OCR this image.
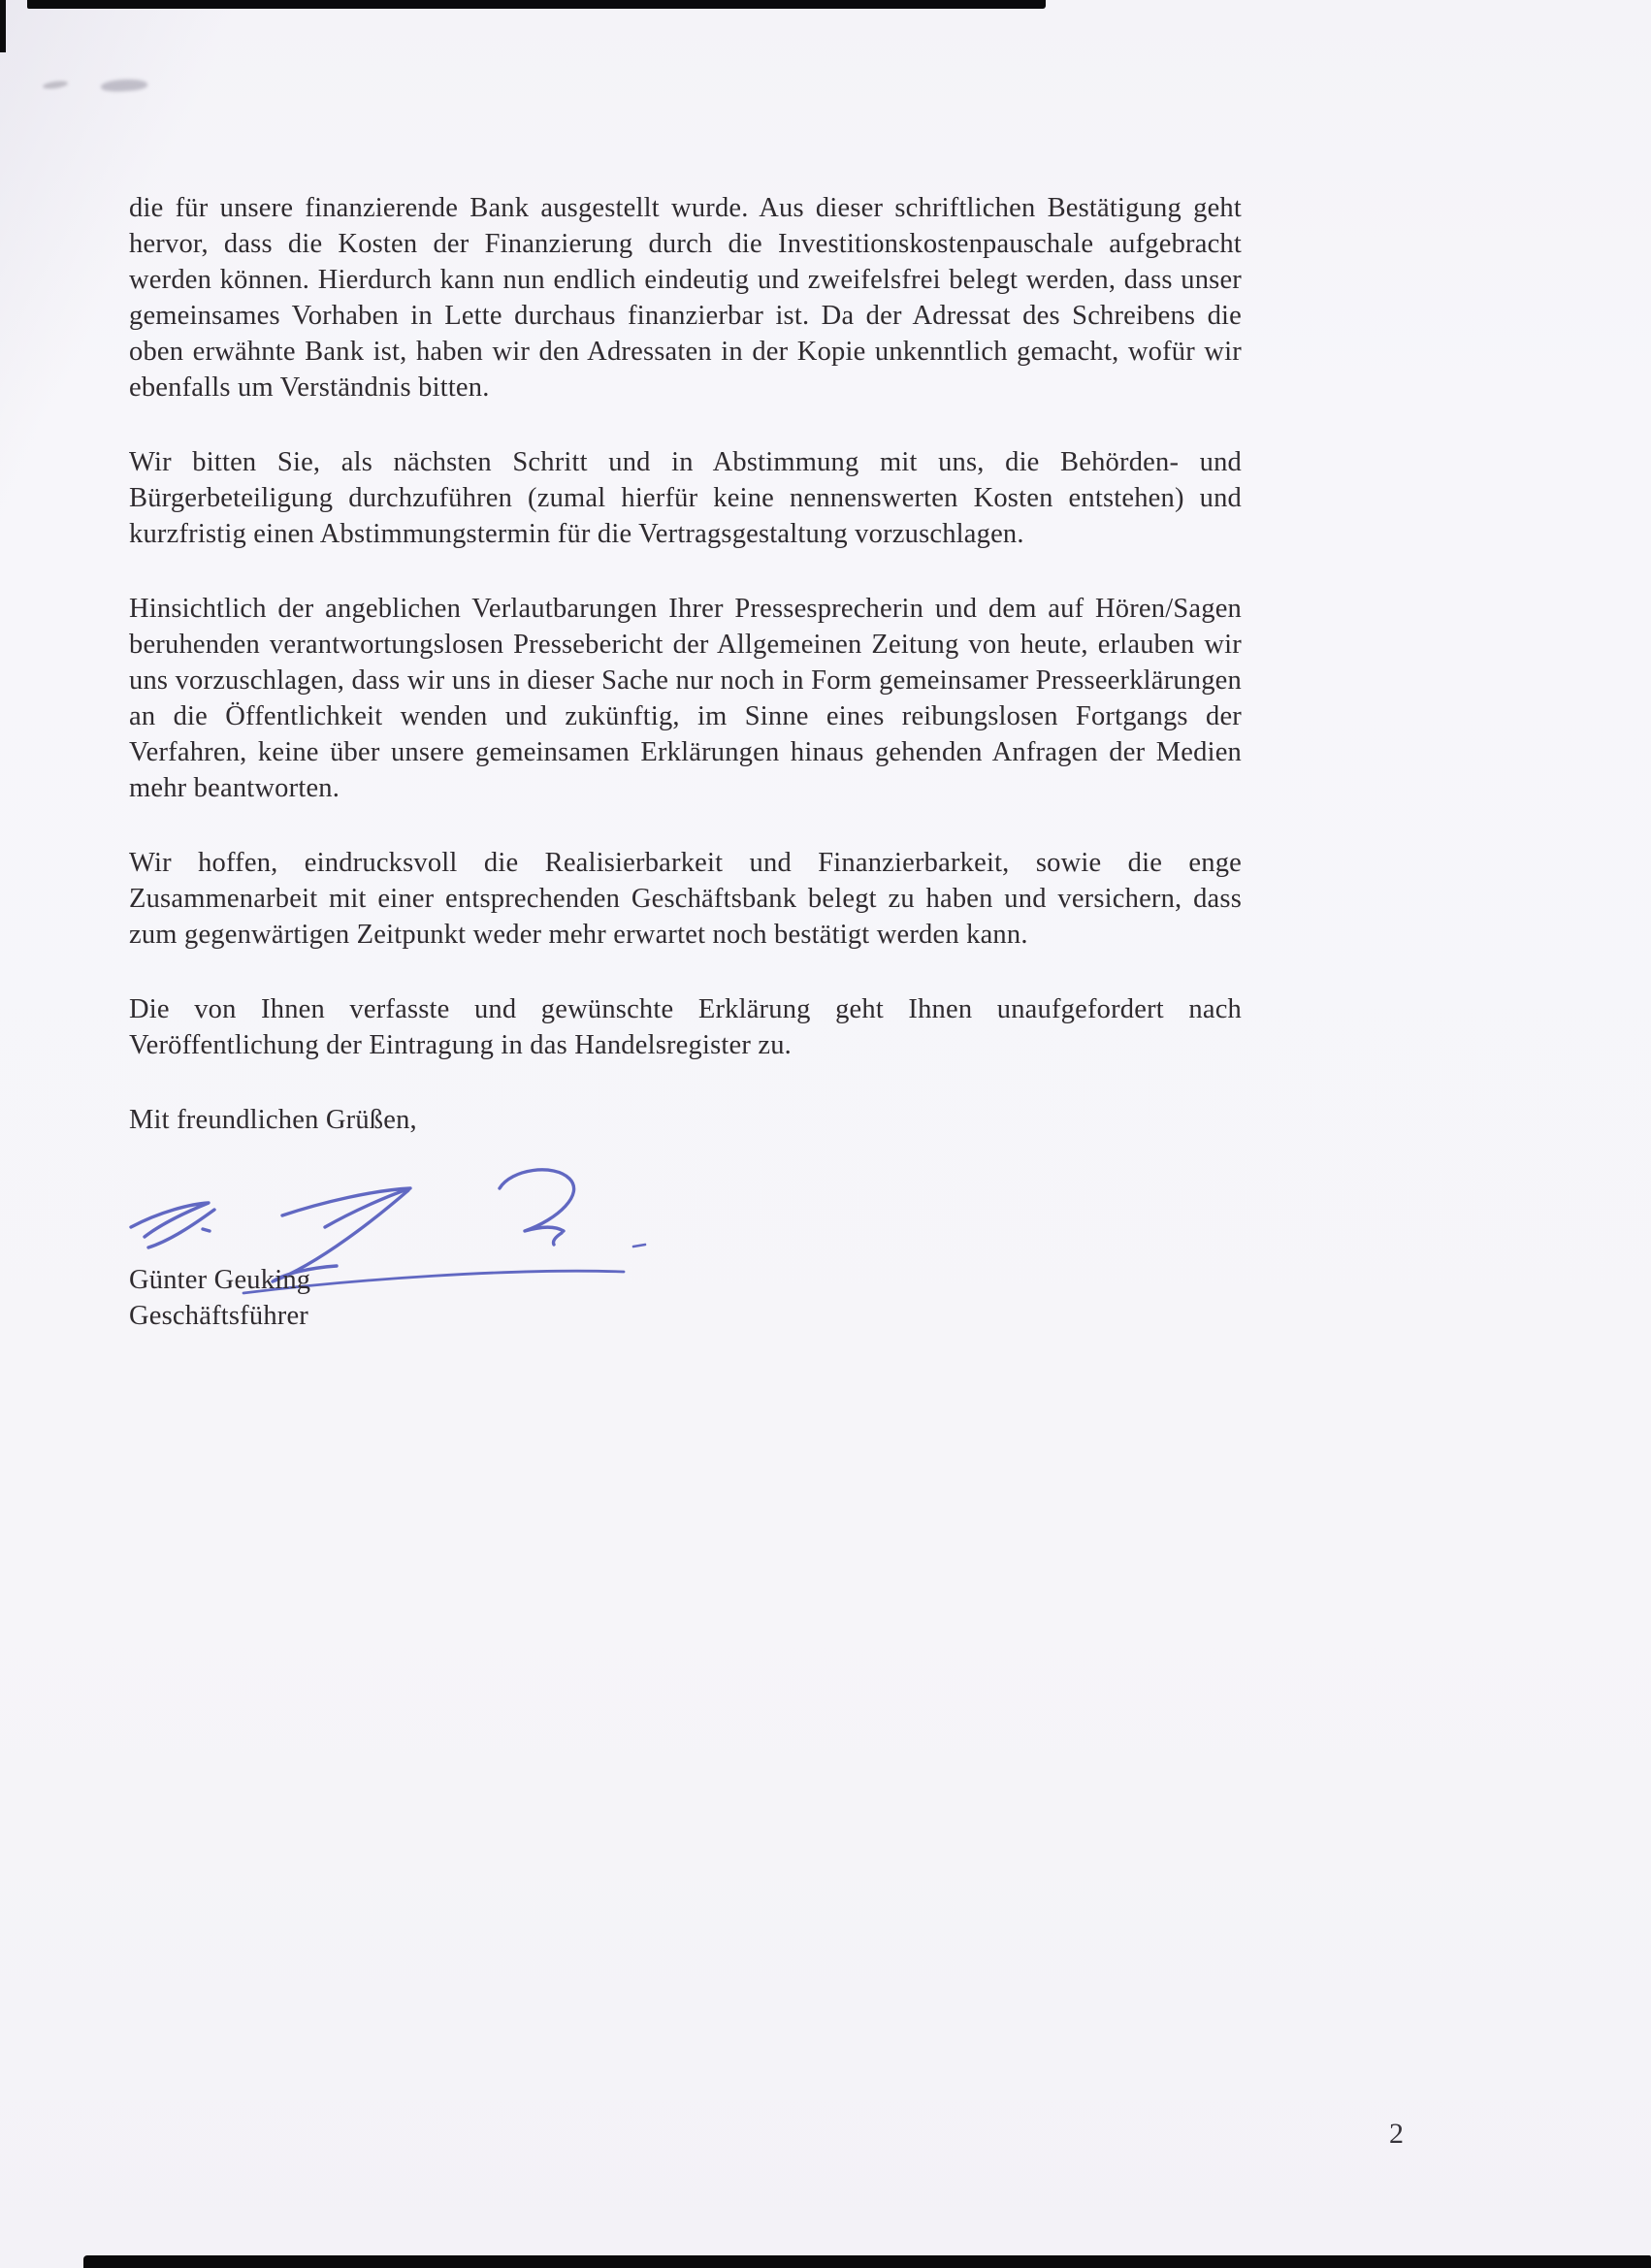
die für unsere finanzierende Bank ausgestellt wurde. Aus dieser schriftlichen Bestätigung geht hervor, dass die Kosten der Finanzierung durch die Investitionskostenpauschale aufgebracht werden können. Hierdurch kann nun endlich eindeutig und zweifelsfrei belegt werden, dass unser gemeinsames Vorhaben in Lette durchaus finanzierbar ist. Da der Adressat des Schreibens die oben erwähnte Bank ist, haben wir den Adressaten in der Kopie unkenntlich gemacht, wofür wir ebenfalls um Verständnis bitten.

Wir bitten Sie, als nächsten Schritt und in Abstimmung mit uns, die Behörden- und Bürgerbeteiligung durchzuführen (zumal hierfür keine nennenswerten Kosten entstehen) und kurzfristig einen Abstimmungstermin für die Vertragsgestaltung vorzuschlagen.

Hinsichtlich der angeblichen Verlautbarungen Ihrer Pressesprecherin und dem auf Hören/Sagen beruhenden verantwortungslosen Pressebericht der Allgemeinen Zeitung von heute, erlauben wir uns vorzuschlagen, dass wir uns in dieser Sache nur noch in Form gemeinsamer Presseerklärungen an die Öffentlichkeit wenden und zukünftig, im Sinne eines reibungslosen Fortgangs der Verfahren, keine über unsere gemeinsamen Erklärungen hinaus gehenden Anfragen der Medien mehr beantworten.

Wir hoffen, eindrucksvoll die Realisierbarkeit und Finanzierbarkeit, sowie die enge Zusammenarbeit mit einer entsprechenden Geschäftsbank belegt zu haben und versichern, dass zum gegenwärtigen Zeitpunkt weder mehr erwartet noch bestätigt werden kann.

Die von Ihnen verfasste und gewünschte Erklärung geht Ihnen unaufgefordert nach Veröffentlichung der Eintragung in das Handelsregister zu.

Mit freundlichen Grüßen,

Günter Geuking

Geschäftsführer

2
